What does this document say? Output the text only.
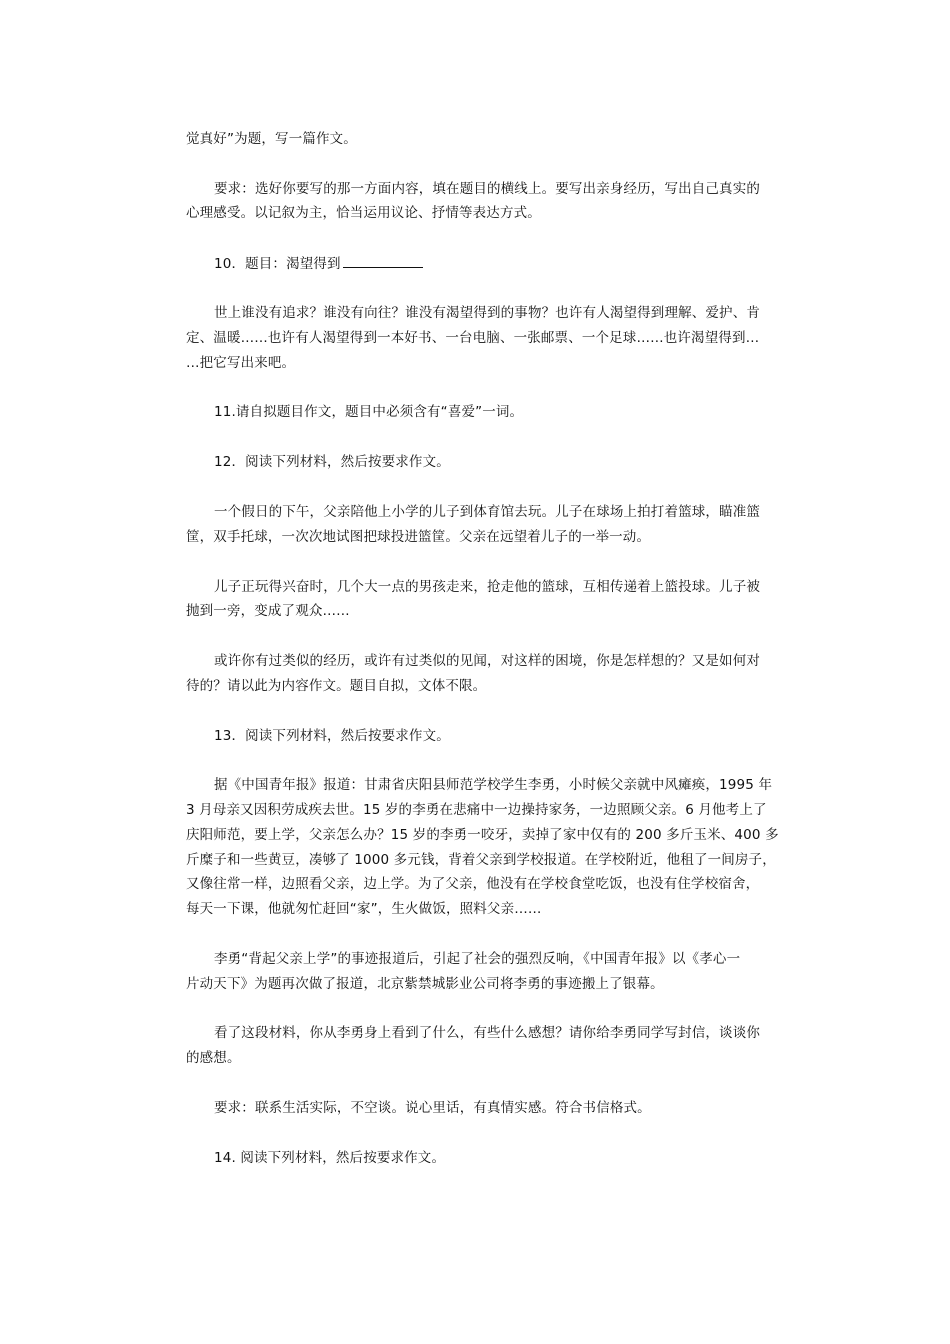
觉真好”为题，写一篇作文。
要求：选好你要写的那一方面内容，填在题目的横线上。要写出亲身经历，写出自己真实的
心理感受。以记叙为主，恰当运用议论、抒情等表达方式。
10．题目：渴望得到
世上谁没有追求？谁没有向往？谁没有渴望得到的事物？也许有人渴望得到理解、爱护、肯
定、温暖……也许有人渴望得到一本好书、一台电脑、一张邮票、一个足球……也许渴望得到…
…把它写出来吧。
11.请自拟题目作文，题目中必须含有“喜爱”一词。
12．阅读下列材料，然后按要求作文。
一个假日的下午，父亲陪他上小学的儿子到体育馆去玩。儿子在球场上拍打着篮球，瞄准篮
筐，双手托球，一次次地试图把球投进篮筐。父亲在远望着儿子的一举一动。
儿子正玩得兴奋时，几个大一点的男孩走来，抢走他的篮球，互相传递着上篮投球。儿子被
抛到一旁，变成了观众……
或许你有过类似的经历，或许有过类似的见闻，对这样的困境，你是怎样想的？又是如何对
待的？请以此为内容作文。题目自拟，文体不限。
13．阅读下列材料，然后按要求作文。
据《中国青年报》报道：甘肃省庆阳县师范学校学生李勇，小时候父亲就中风瘫痪，1995 年
3 月母亲又因积劳成疾去世。15 岁的李勇在悲痛中一边操持家务，一边照顾父亲。6 月他考上了
庆阳师范，要上学，父亲怎么办？15 岁的李勇一咬牙，卖掉了家中仅有的 200 多斤玉米、400 多
斤糜子和一些黄豆，凑够了 1000 多元钱，背着父亲到学校报道。在学校附近，他租了一间房子，
又像往常一样，边照看父亲，边上学。为了父亲，他没有在学校食堂吃饭，也没有住学校宿舍，
每天一下课，他就匆忙赶回“家”，生火做饭，照料父亲……
李勇“背起父亲上学”的事迹报道后，引起了社会的强烈反响，《中国青年报》以《孝心一
片动天下》为题再次做了报道，北京紫禁城影业公司将李勇的事迹搬上了银幕。
看了这段材料，你从李勇身上看到了什么，有些什么感想？请你给李勇同学写封信，谈谈你
的感想。
要求：联系生活实际，不空谈。说心里话，有真情实感。符合书信格式。
14. 阅读下列材料，然后按要求作文。
